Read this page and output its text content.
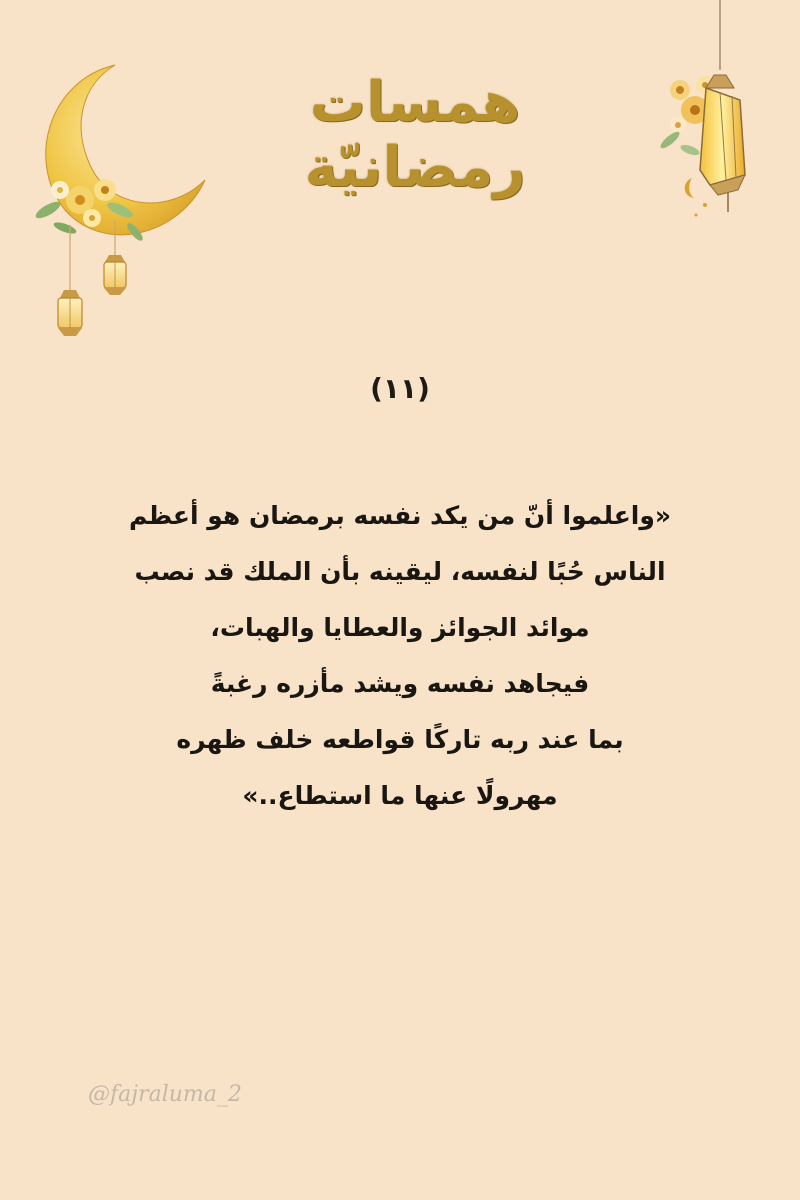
همسات رمضانيّة
(١١)
«واعلموا أنّ من يكد نفسه برمضان هو أعظم
الناس حُبًا لنفسه، ليقينه بأن الملك قد نصب
موائد الجوائز والعطايا والهبات،
فيجاهد نفسه ويشد مأزره رغبةً
بما عند ربه تاركًا قواطعه خلف ظهره
مهرولًا عنها ما استطاع..»
@fajraluma_2
